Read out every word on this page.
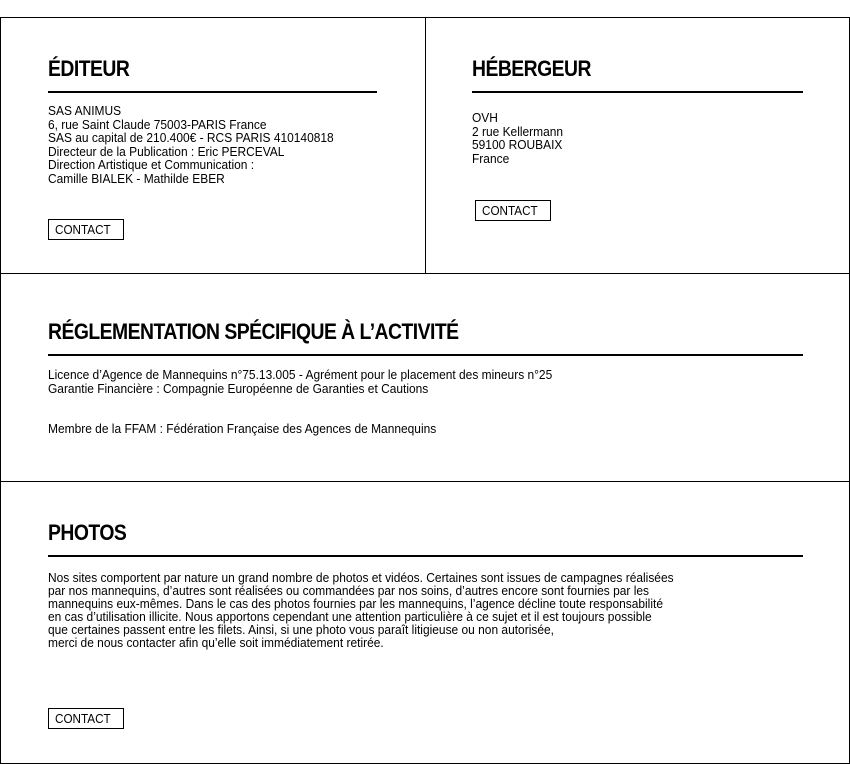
ÉDITEUR
SAS ANIMUS
6, rue Saint Claude 75003-PARIS France
SAS au capital de 210.400€ - RCS PARIS 410140818
Directeur de la Publication : Eric PERCEVAL
Direction Artistique et Communication :
Camille BIALEK - Mathilde EBER
CONTACT
HÉBERGEUR
OVH
2 rue Kellermann
59100 ROUBAIX
France
CONTACT
RÉGLEMENTATION SPÉCIFIQUE À L’ACTIVITÉ
Licence d’Agence de Mannequins n°75.13.005 - Agrément pour le placement des mineurs n°25
Garantie Financière : Compagnie Européenne de Garanties et Cautions
Membre de la FFAM : Fédération Française des Agences de Mannequins
PHOTOS
Nos sites comportent par nature un grand nombre de photos et vidéos. Certaines sont issues de campagnes réalisées
par nos mannequins, d’autres sont réalisées ou commandées par nos soins, d’autres encore sont fournies par les
mannequins eux-mêmes. Dans le cas des photos fournies par les mannequins, l’agence décline toute responsabilité
en cas d’utilisation illicite. Nous apportons cependant une attention particulière à ce sujet et il est toujours possible
que certaines passent entre les filets. Ainsi, si une photo vous paraît litigieuse ou non autorisée,
merci de nous contacter afin qu’elle soit immédiatement retirée.
CONTACT
